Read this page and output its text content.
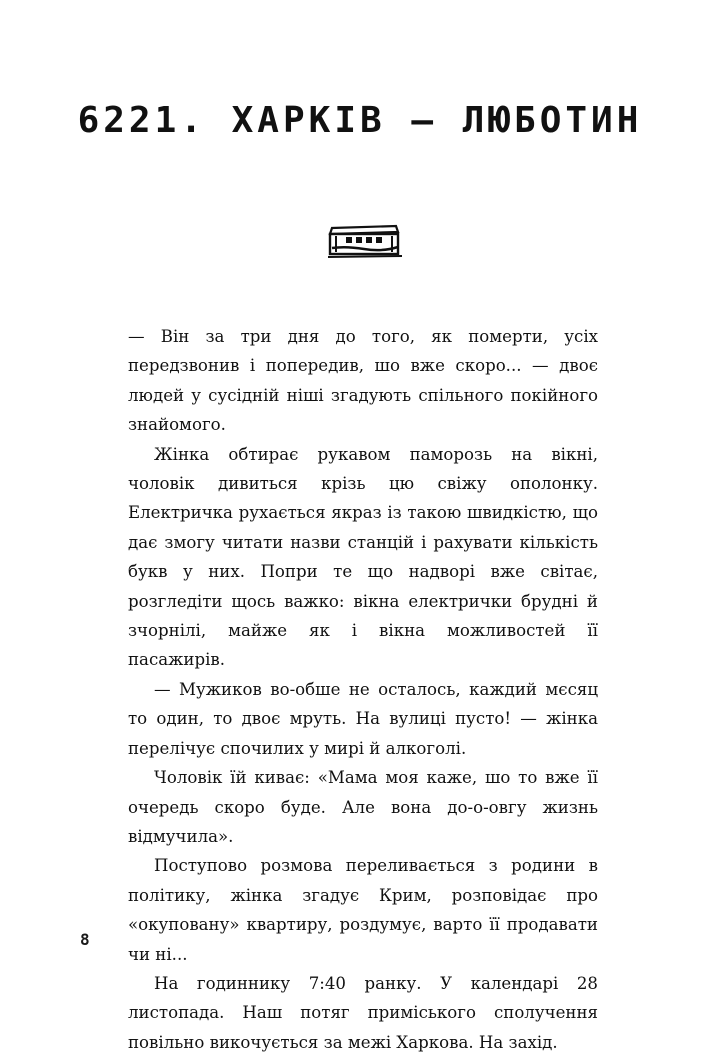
6221. ХАРКІВ — ЛЮБОТИН

— Він за три дня до того, як померти, усіх передзвонив і попередив, шо вже скоро... — двоє людей у сусідній ніші згадують спільного покійного знайомого.

Жінка обтирає рукавом паморозь на вікні, чоловік дивиться крізь цю свіжу ополонку. Електричка рухається якраз із такою швидкістю, що дає змогу читати назви станцій і рахувати кількість букв у них. Попри те що надворі вже світає, розгледіти щось важко: вікна електрички брудні й зчорнілі, майже як і вікна можливостей її пасажирів.

— Мужиков во-обше не осталось, каждий мєсяц то один, то двоє мруть. На вулиці пусто! — жінка перелічує спочилих у мирі й алкоголі.

Чоловік їй киває: «Мама моя каже, шо то вже її очередь скоро буде. Але вона до-о-овгу жизнь відмучила».

Поступово розмова переливається з родини в політику, жінка згадує Крим, розповідає про «окуповану» квартиру, роздумує, варто її продавати чи ні...

На годиннику 7:40 ранку. У календарі 28 листопада. Наш потяг приміського сполучення повільно викочується за межі Харкова. На захід.

8
